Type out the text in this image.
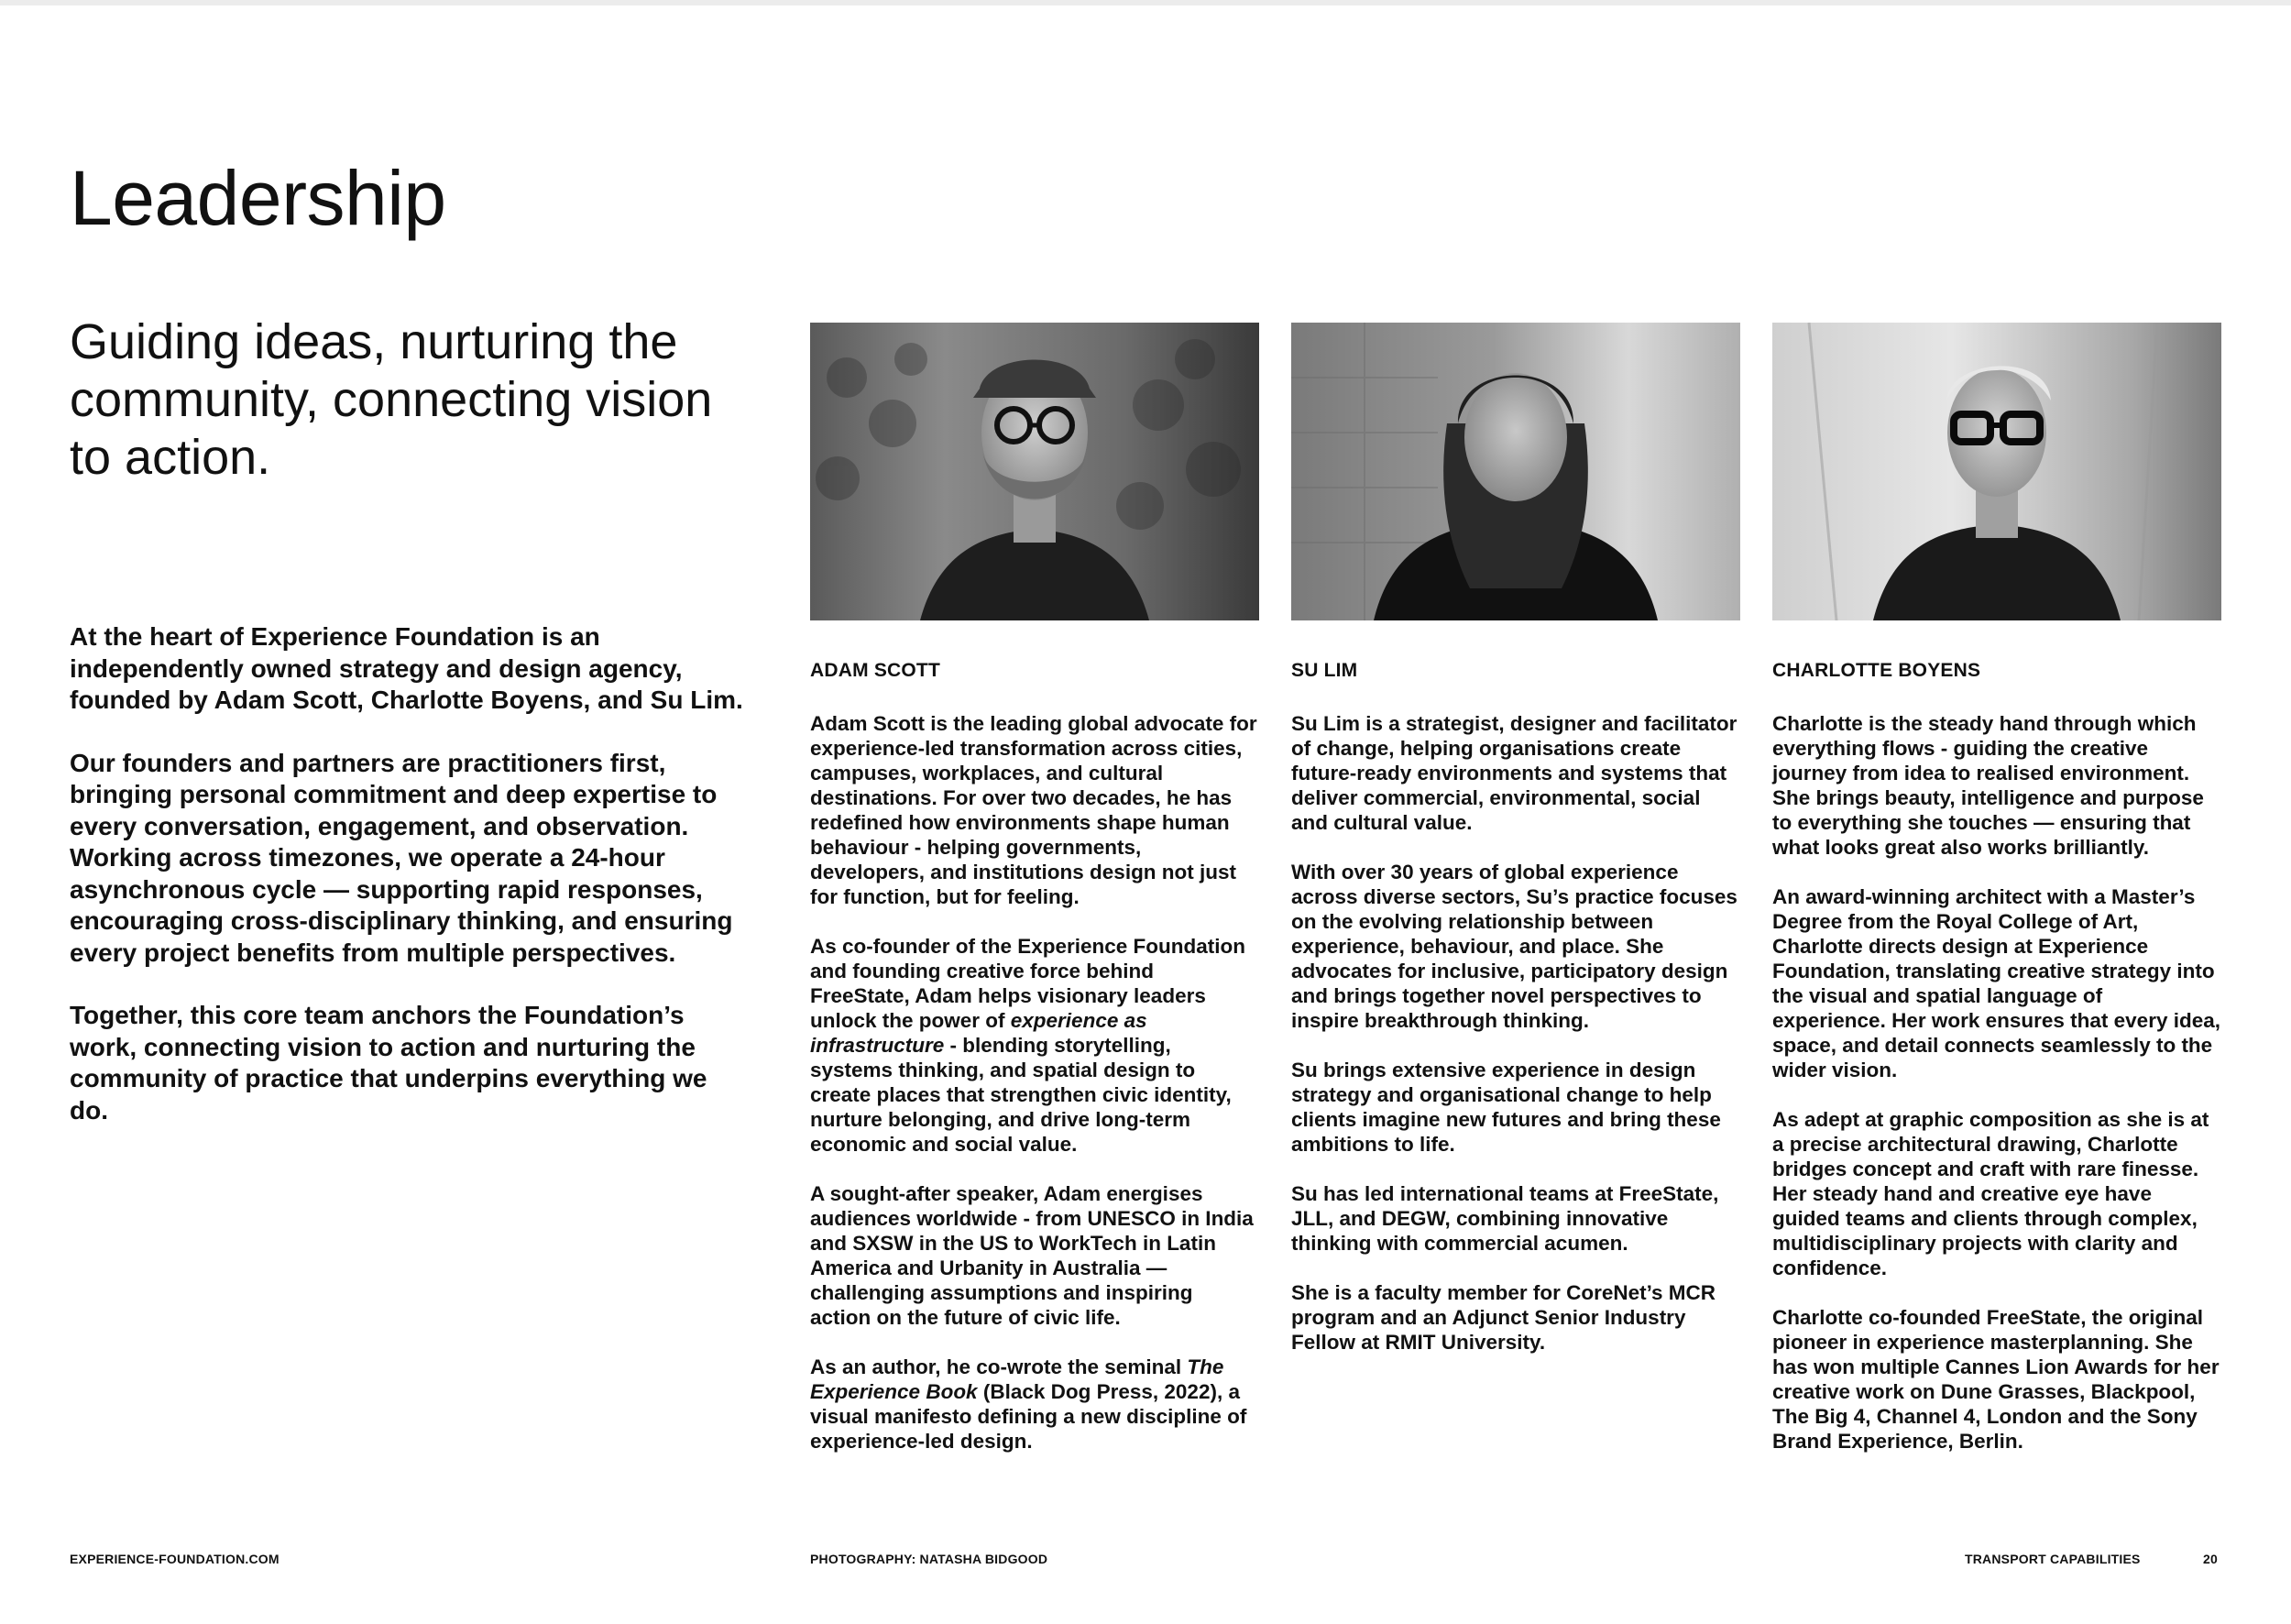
Leadership
Guiding ideas, nurturing the community, connecting vision to action.

At the heart of Experience Foundation is an independently owned strategy and design agency, founded by Adam Scott, Charlotte Boyens, and Su Lim.

Our founders and partners are practitioners first, bringing personal commitment and deep expertise to every conversation, engagement, and observation. Working across timezones, we operate a 24-hour asynchronous cycle — supporting rapid responses, encouraging cross-disciplinary thinking, and ensuring every project benefits from multiple perspectives.

Together, this core team anchors the Foundation’s work, connecting vision to action and nurturing the community of practice that underpins everything we do.

ADAM SCOTT

Adam Scott is the leading global advocate for experience-led transformation across cities, campuses, workplaces, and cultural destinations. For over two decades, he has redefined how environments shape human behaviour - helping governments, developers, and institutions design not just for function, but for feeling.

As co-founder of the Experience Foundation and founding creative force behind FreeState, Adam helps visionary leaders unlock the power of experience as infrastructure - blending storytelling, systems thinking, and spatial design to create places that strengthen civic identity, nurture belonging, and drive long-term economic and social value.

A sought-after speaker, Adam energises audiences worldwide - from UNESCO in India and SXSW in the US to WorkTech in Latin America and Urbanity in Australia — challenging assumptions and inspiring action on the future of civic life.

As an author, he co-wrote the seminal The Experience Book (Black Dog Press, 2022), a visual manifesto defining a new discipline of experience-led design.

SU LIM

Su Lim is a strategist, designer and facilitator of change, helping organisations create future-ready environments and systems that deliver commercial, environmental, social and cultural value.

With over 30 years of global experience across diverse sectors, Su’s practice focuses on the evolving relationship between experience, behaviour, and place. She advocates for inclusive, participatory design and brings together novel perspectives to inspire breakthrough thinking.

Su brings extensive experience in design strategy and organisational change to help clients imagine new futures and bring these ambitions to life.

Su has led international teams at FreeState, JLL, and DEGW, combining innovative thinking with commercial acumen.

She is a faculty member for CoreNet’s MCR program and an Adjunct Senior Industry Fellow at RMIT University.

CHARLOTTE BOYENS

Charlotte is the steady hand through which everything flows - guiding the creative journey from idea to realised environment. She brings beauty, intelligence and purpose to everything she touches — ensuring that what looks great also works brilliantly.

An award-winning architect with a Master’s Degree from the Royal College of Art, Charlotte directs design at Experience Foundation, translating creative strategy into the visual and spatial language of experience. Her work ensures that every idea, space, and detail connects seamlessly to the wider vision.

As adept at graphic composition as she is at a precise architectural drawing, Charlotte bridges concept and craft with rare finesse. Her steady hand and creative eye have guided teams and clients through complex, multidisciplinary projects with clarity and confidence.

Charlotte co-founded FreeState, the original pioneer in experience masterplanning. She has won multiple Cannes Lion Awards for her creative work on Dune Grasses, Blackpool, The Big 4, Channel 4, London and the Sony Brand Experience, Berlin.

EXPERIENCE-FOUNDATION.COM	PHOTOGRAPHY: NATASHA BIDGOOD	TRANSPORT CAPABILITIES	20
